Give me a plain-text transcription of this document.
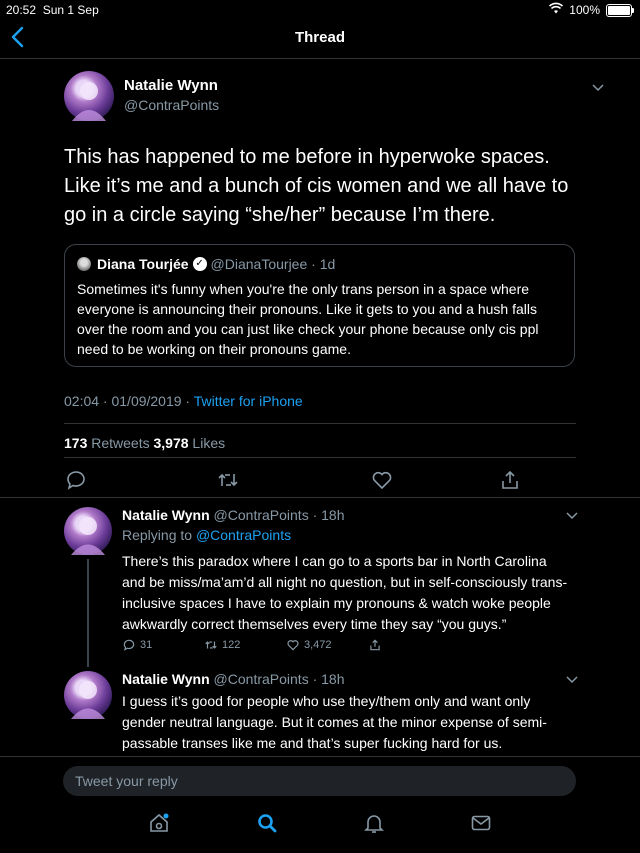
20:52 Sun 1 Sep	100%
Thread
Natalie Wynn
@ContraPoints
This has happened to me before in hyperwoke spaces. Like it’s me and a bunch of cis women and we all have to go in a circle saying “she/her” because I’m there.
Diana Tourjée ✓ @DianaTourjee · 1d
Sometimes it's funny when you're the only trans person in a space where everyone is announcing their pronouns. Like it gets to you and a hush falls over the room and you can just like check your phone because only cis ppl need to be working on their pronouns game.
02:04 · 01/09/2019 · Twitter for iPhone
173 Retweets 3,978 Likes
Natalie Wynn @ContraPoints · 18h
Replying to @ContraPoints
There’s this paradox where I can go to a sports bar in North Carolina and be miss/ma’am’d all night no question, but in self-consciously trans-inclusive spaces I have to explain my pronouns & watch woke people awkwardly correct themselves every time they say “you guys.”
31	122	3,472
Natalie Wynn @ContraPoints · 18h
I guess it’s good for people who use they/them only and want only gender neutral language. But it comes at the minor expense of semi-passable transes like me and that’s super fucking hard for us.
Tweet your reply
